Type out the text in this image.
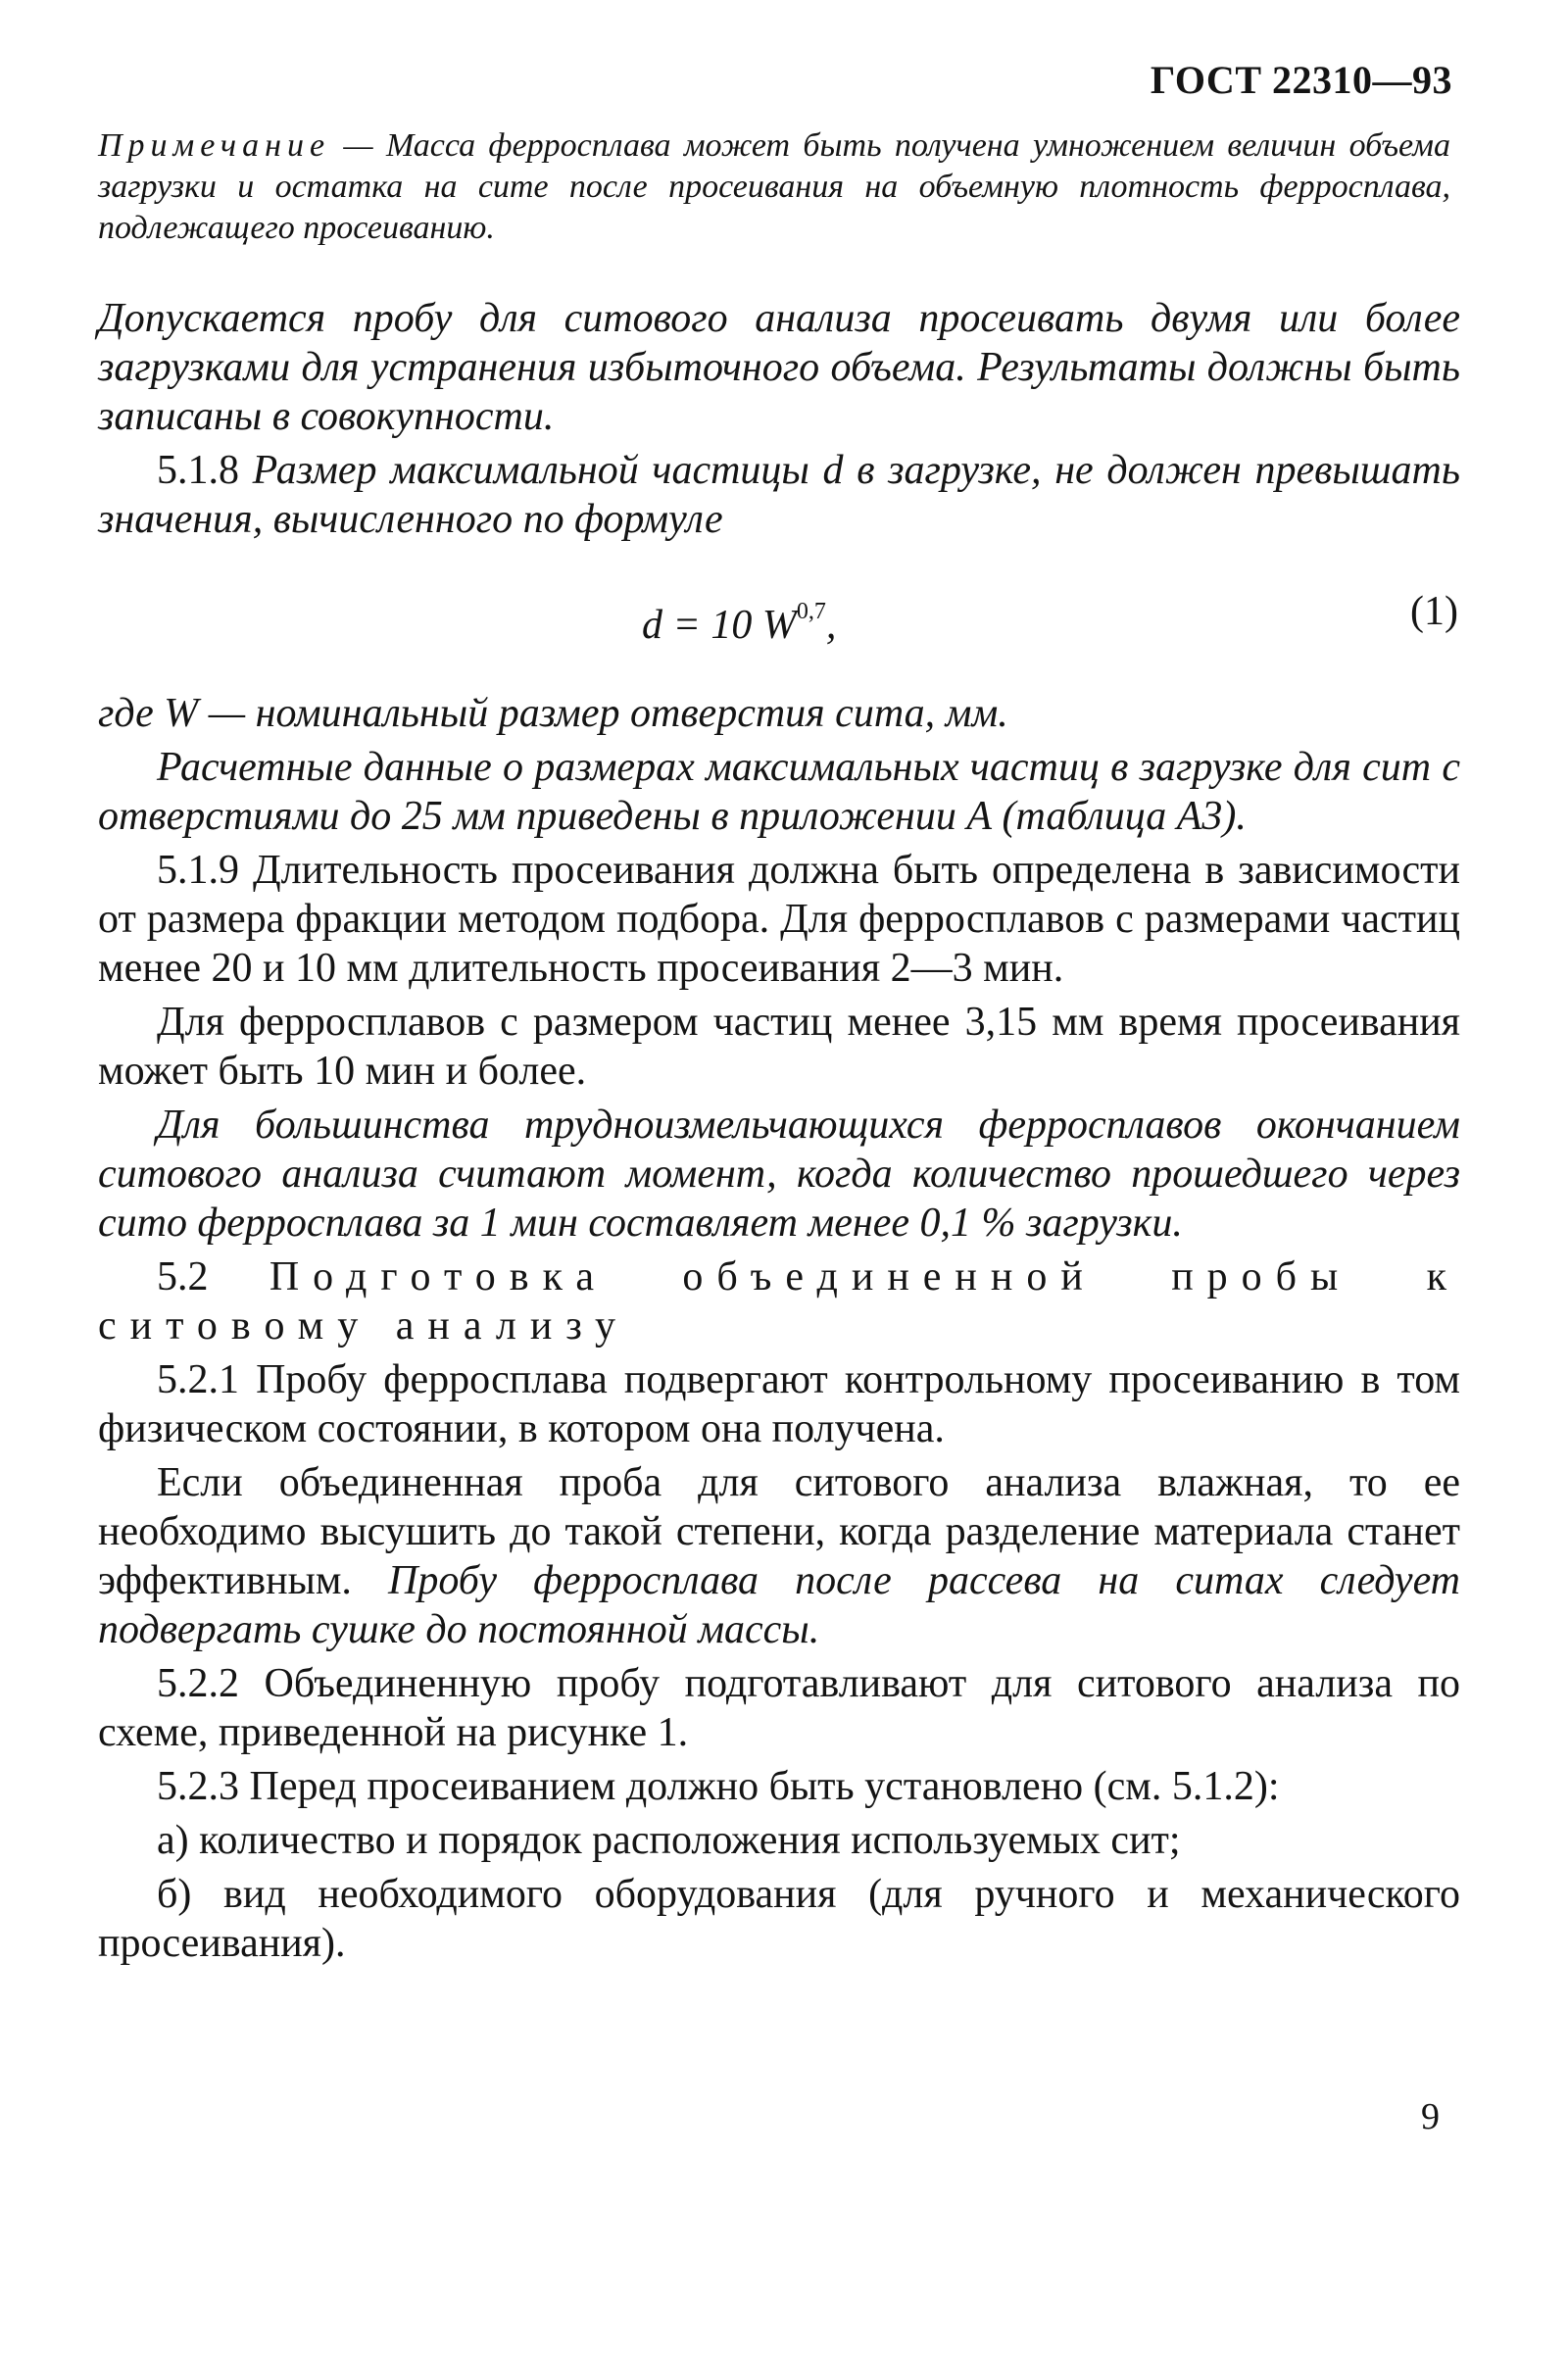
ГОСТ 22310—93
Примечание — Масса ферросплава может быть получена умножением величин объема загрузки и остатка на сите после просеивания на объемную плотность ферросплава, подлежащего просеиванию.

Допускается пробу для ситового анализа просеивать двумя или более загрузками для устранения избыточного объема. Результаты должны быть записаны в совокупности.

5.1.8 Размер максимальной частицы d в загрузке, не должен превышать значения, вычисленного по формуле

d = 10 W$^{0,7}$,	(1)

где W — номинальный размер отверстия сита, мм.

Расчетные данные о размерах максимальных частиц в загрузке для сит с отверстиями до 25 мм приведены в приложении А (таблица А3).

5.1.9 Длительность просеивания должна быть определена в зависимости от размера фракции методом подбора. Для ферросплавов с размерами частиц менее 20 и 10 мм длительность просеивания 2—3 мин.

Для ферросплавов с размером частиц менее 3,15 мм время просеивания может быть 10 мин и более.

Для большинства трудноизмельчающихся ферросплавов окончанием ситового анализа считают момент, когда количество прошедшего через сито ферросплава за 1 мин составляет менее 0,1 % загрузки.

5.2 Подготовка объединенной пробы к ситовому анализу

5.2.1 Пробу ферросплава подвергают контрольному просеиванию в том физическом состоянии, в котором она получена.

Если объединенная проба для ситового анализа влажная, то ее необходимо высушить до такой степени, когда разделение материала станет эффективным. Пробу ферросплава после рассева на ситах следует подвергать сушке до постоянной массы.

5.2.2 Объединенную пробу подготавливают для ситового анализа по схеме, приведенной на рисунке 1.

5.2.3 Перед просеиванием должно быть установлено (см. 5.1.2):

а) количество и порядок расположения используемых сит;

б) вид необходимого оборудования (для ручного и механического просеивания).

9
